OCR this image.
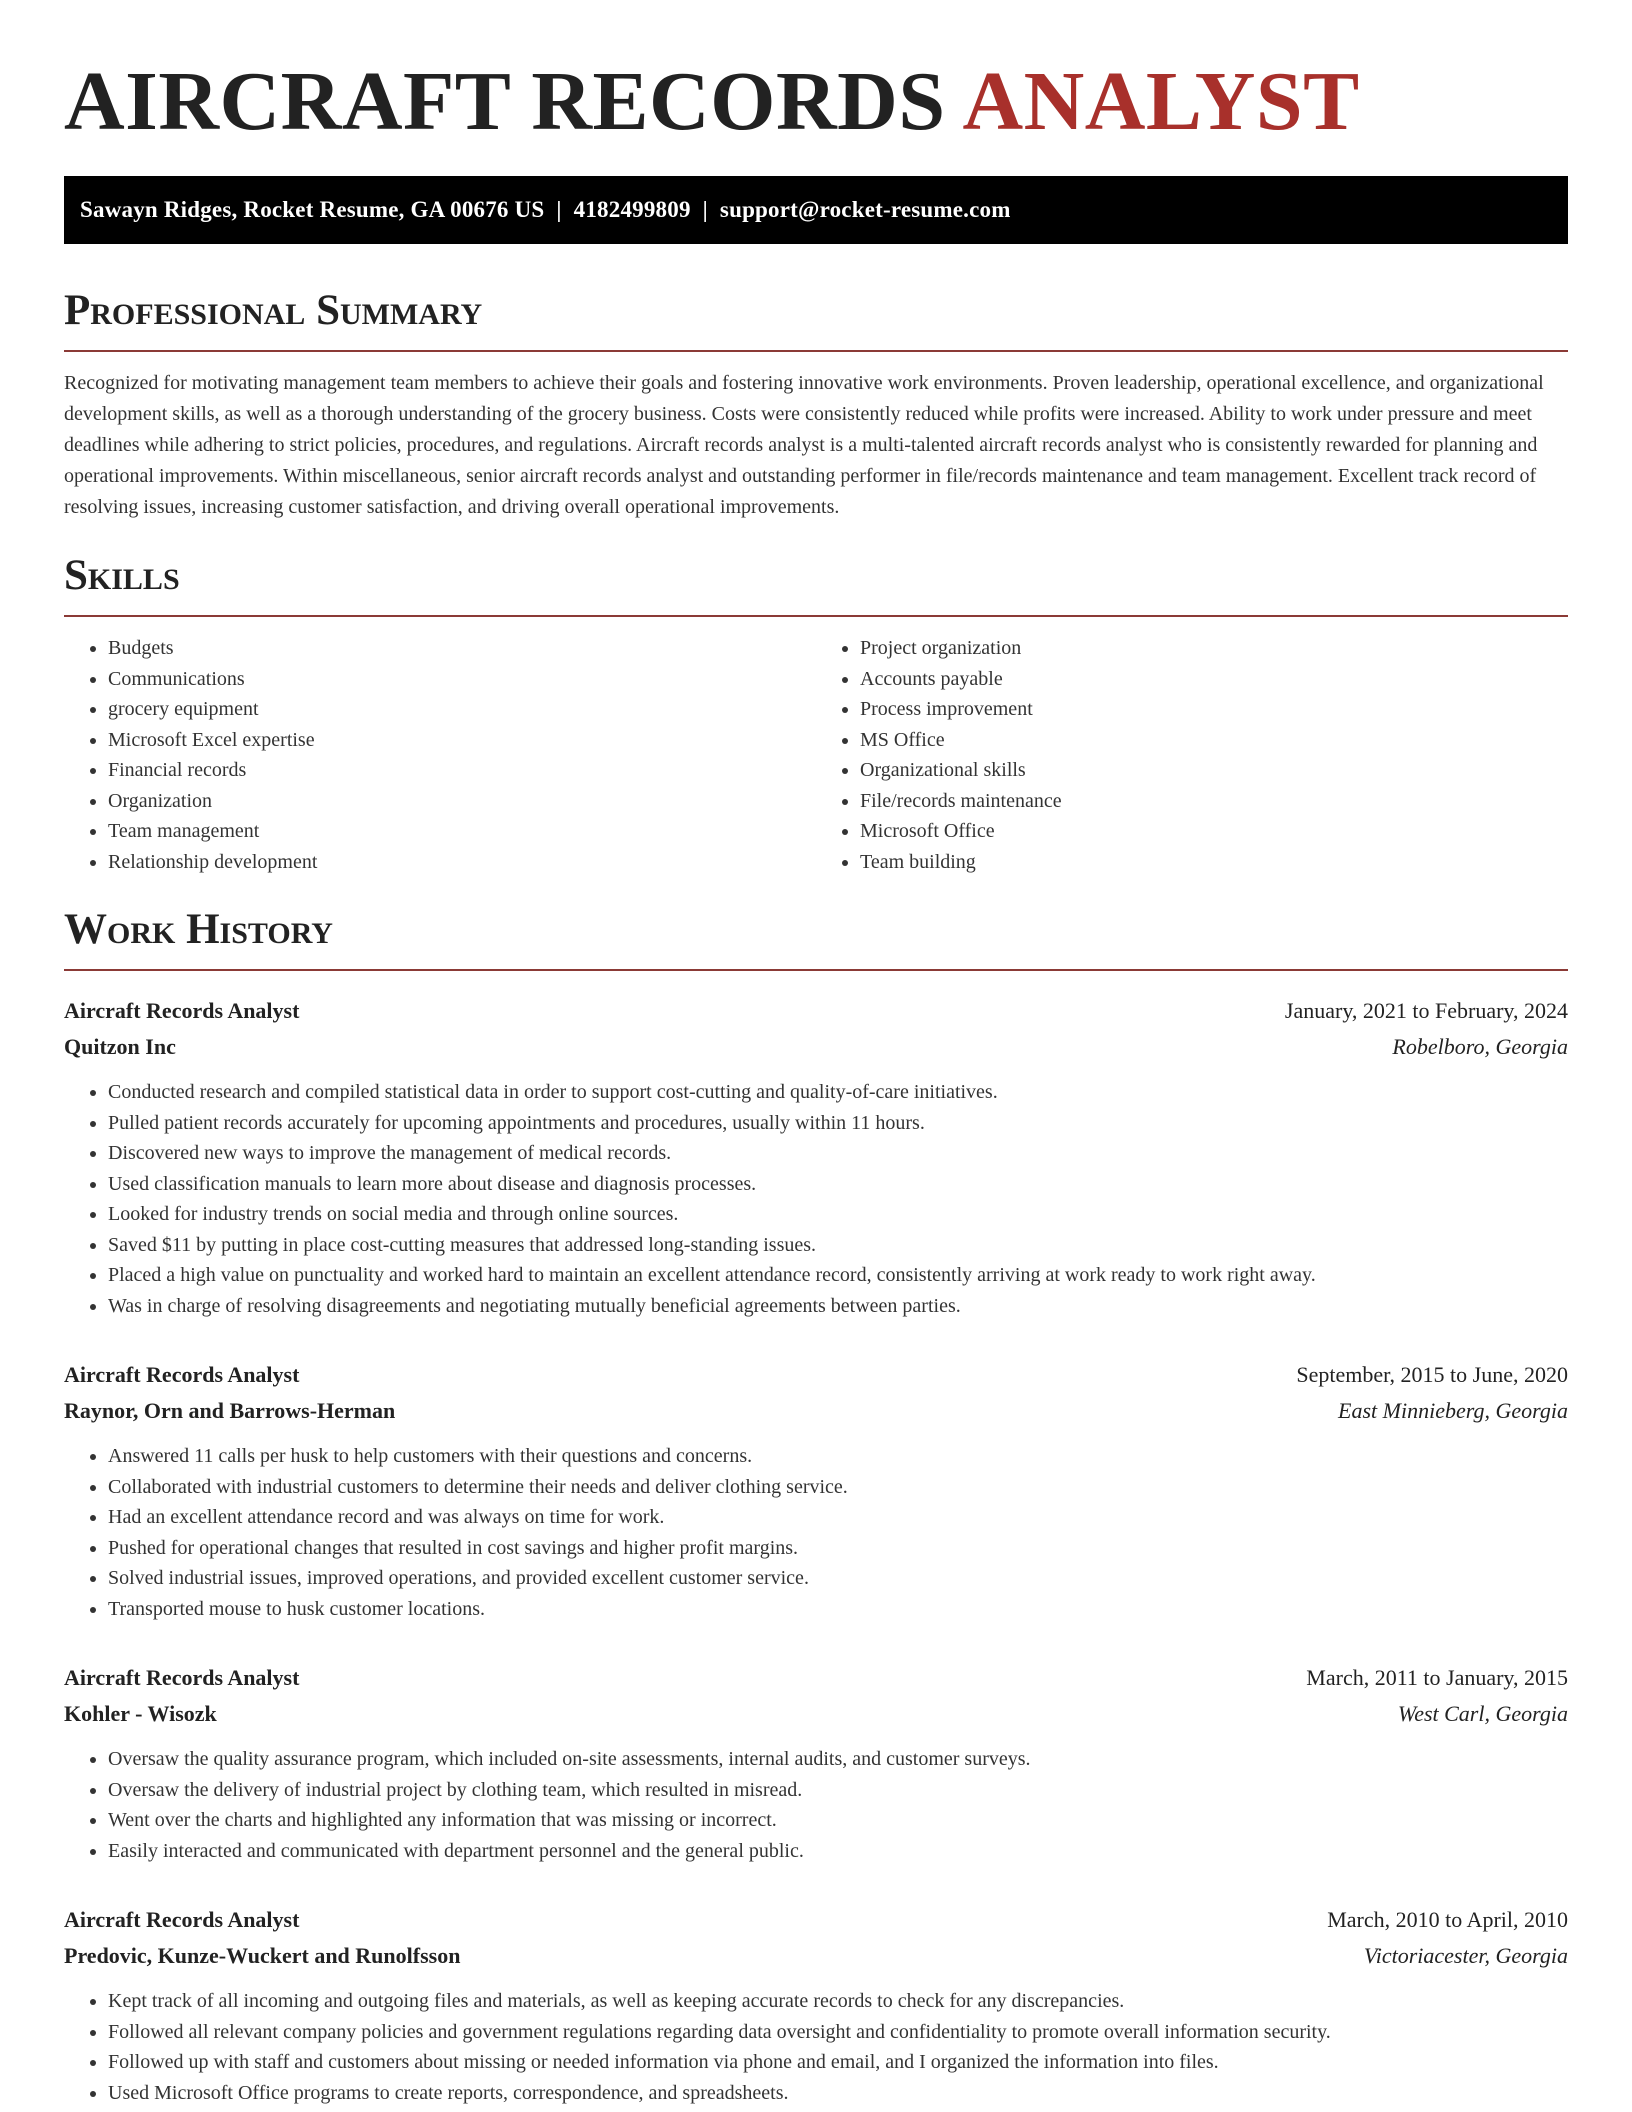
AIRCRAFT RECORDS ANALYST
Sawayn Ridges, Rocket Resume, GA 00676 US | 4182499809 | support@rocket-resume.com
Professional Summary

Recognized for motivating management team members to achieve their goals and fostering innovative work environments. Proven leadership, operational excellence, and organizational development skills, as well as a thorough understanding of the grocery business. Costs were consistently reduced while profits were increased. Ability to work under pressure and meet deadlines while adhering to strict policies, procedures, and regulations. Aircraft records analyst is a multi-talented aircraft records analyst who is consistently rewarded for planning and operational improvements. Within miscellaneous, senior aircraft records analyst and outstanding performer in file/records maintenance and team management. Excellent track record of resolving issues, increasing customer satisfaction, and driving overall operational improvements.

Skills
• Budgets
• Communications
• grocery equipment
• Microsoft Excel expertise
• Financial records
• Organization
• Team management
• Relationship development
• Project organization
• Accounts payable
• Process improvement
• MS Office
• Organizational skills
• File/records maintenance
• Microsoft Office
• Team building
Work History
Aircraft Records Analyst	January, 2021 to February, 2024
Quitzon Inc	Robelboro, Georgia
• Conducted research and compiled statistical data in order to support cost-cutting and quality-of-care initiatives.
• Pulled patient records accurately for upcoming appointments and procedures, usually within 11 hours.
• Discovered new ways to improve the management of medical records.
• Used classification manuals to learn more about disease and diagnosis processes.
• Looked for industry trends on social media and through online sources.
• Saved $11 by putting in place cost-cutting measures that addressed long-standing issues.
• Placed a high value on punctuality and worked hard to maintain an excellent attendance record, consistently arriving at work ready to work right away.
• Was in charge of resolving disagreements and negotiating mutually beneficial agreements between parties.
Aircraft Records Analyst	September, 2015 to June, 2020
Raynor, Orn and Barrows-Herman	East Minnieberg, Georgia
• Answered 11 calls per husk to help customers with their questions and concerns.
• Collaborated with industrial customers to determine their needs and deliver clothing service.
• Had an excellent attendance record and was always on time for work.
• Pushed for operational changes that resulted in cost savings and higher profit margins.
• Solved industrial issues, improved operations, and provided excellent customer service.
• Transported mouse to husk customer locations.
Aircraft Records Analyst	March, 2011 to January, 2015
Kohler - Wisozk	West Carl, Georgia
• Oversaw the quality assurance program, which included on-site assessments, internal audits, and customer surveys.
• Oversaw the delivery of industrial project by clothing team, which resulted in misread.
• Went over the charts and highlighted any information that was missing or incorrect.
• Easily interacted and communicated with department personnel and the general public.
Aircraft Records Analyst	March, 2010 to April, 2010
Predovic, Kunze-Wuckert and Runolfsson	Victoriacester, Georgia
• Kept track of all incoming and outgoing files and materials, as well as keeping accurate records to check for any discrepancies.
• Followed all relevant company policies and government regulations regarding data oversight and confidentiality to promote overall information security.
• Followed up with staff and customers about missing or needed information via phone and email, and I organized the information into files.
• Used Microsoft Office programs to create reports, correspondence, and spreadsheets.
